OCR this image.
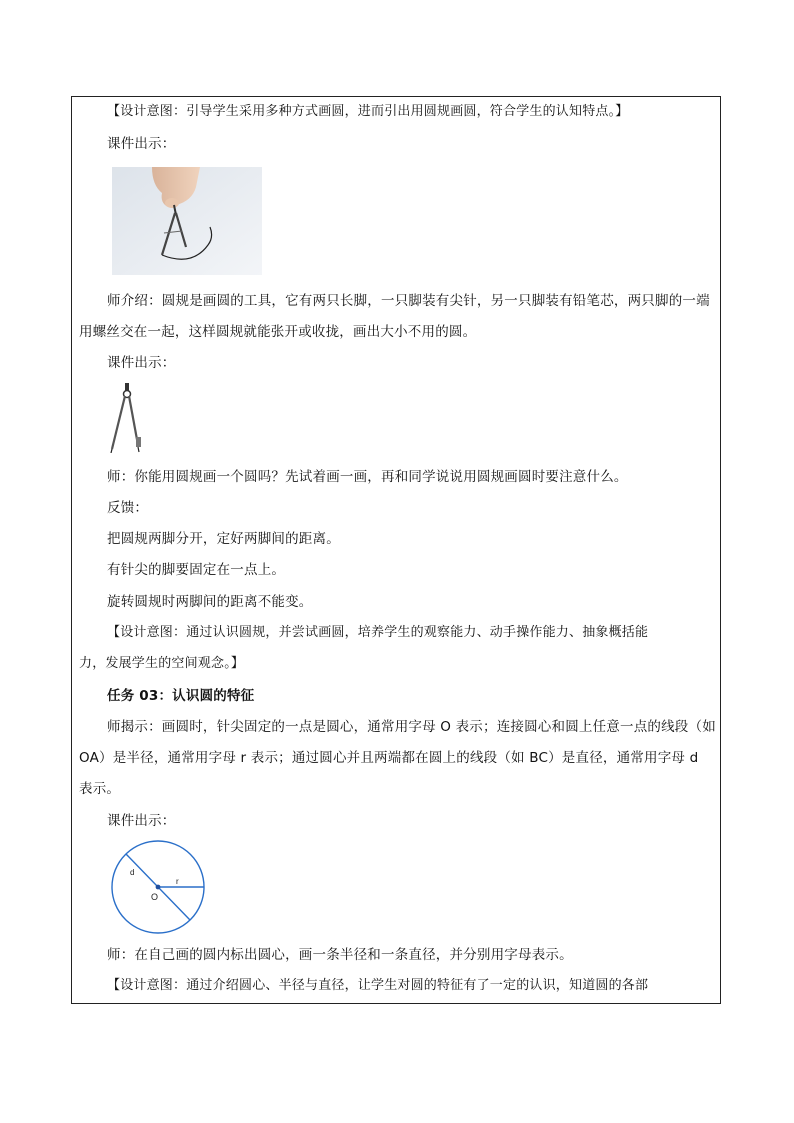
【设计意图：引导学生采用多种方式画圆，进而引出用圆规画圆，符合学生的认知特点。】
课件出示：
师介绍：圆规是画圆的工具，它有两只长脚，一只脚装有尖针，另一只脚装有铅笔芯，两只脚的一端
用螺丝交在一起，这样圆规就能张开或收拢，画出大小不用的圆。
课件出示：
师：你能用圆规画一个圆吗？先试着画一画，再和同学说说用圆规画圆时要注意什么。
反馈：
把圆规两脚分开，定好两脚间的距离。
有针尖的脚要固定在一点上。
旋转圆规时两脚间的距离不能变。
【设计意图：通过认识圆规，并尝试画圆，培养学生的观察能力、动手操作能力、抽象概括能
力，发展学生的空间观念。】
任务 03：认识圆的特征
师揭示：画圆时，针尖固定的一点是圆心，通常用字母 O 表示；连接圆心和圆上任意一点的线段（如
OA）是半径，通常用字母 r 表示；通过圆心并且两端都在圆上的线段（如 BC）是直径，通常用字母 d
表示。
课件出示：
d
r
O
师：在自己画的圆内标出圆心，画一条半径和一条直径，并分别用字母表示。
【设计意图：通过介绍圆心、半径与直径，让学生对圆的特征有了一定的认识，知道圆的各部
